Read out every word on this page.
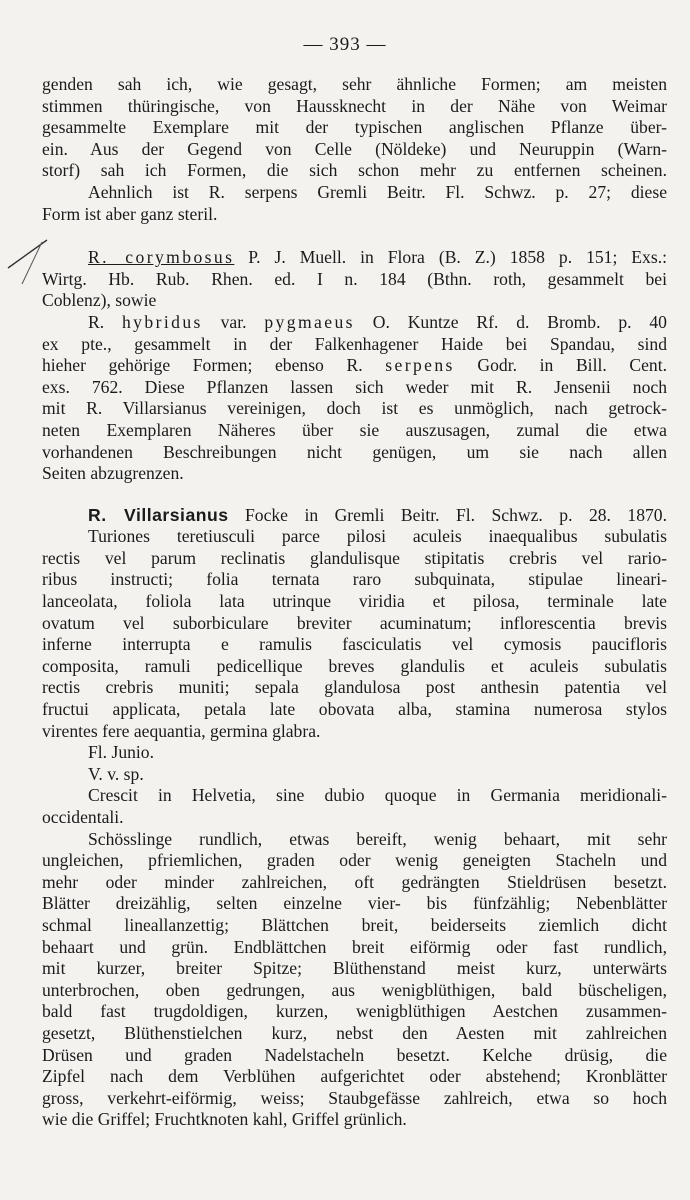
— 393 —
genden sah ich, wie gesagt, sehr ähnliche Formen; am meisten
stimmen thüringische, von Haussknecht in der Nähe von Weimar
gesammelte Exemplare mit der typischen anglischen Pflanze über-
ein. Aus der Gegend von Celle (Nöldeke) und Neuruppin (Warn-
storf) sah ich Formen, die sich schon mehr zu entfernen scheinen.
Aehnlich ist R. serpens Gremli Beitr. Fl. Schwz. p. 27; diese
Form ist aber ganz steril.
R. corymbosus P. J. Muell. in Flora (B. Z.) 1858 p. 151; Exs.:
Wirtg. Hb. Rub. Rhen. ed. I n. 184 (Bthn. roth, gesammelt bei
Coblenz), sowie
R. hybridus var. pygmaeus O. Kuntze Rf. d. Bromb. p. 40
ex pte., gesammelt in der Falkenhagener Haide bei Spandau, sind
hieher gehörige Formen; ebenso R. serpens Godr. in Bill. Cent.
exs. 762. Diese Pflanzen lassen sich weder mit R. Jensenii noch
mit R. Villarsianus vereinigen, doch ist es unmöglich, nach getrock-
neten Exemplaren Näheres über sie auszusagen, zumal die etwa
vorhandenen Beschreibungen nicht genügen, um sie nach allen
Seiten abzugrenzen.
R. Villarsianus Focke in Gremli Beitr. Fl. Schwz. p. 28. 1870.
Turiones teretiusculi parce pilosi aculeis inaequalibus subulatis
rectis vel parum reclinatis glandulisque stipitatis crebris vel rario-
ribus instructi; folia ternata raro subquinata, stipulae lineari-
lanceolata, foliola lata utrinque viridia et pilosa, terminale late
ovatum vel suborbiculare breviter acuminatum; inflorescentia brevis
inferne interrupta e ramulis fasciculatis vel cymosis paucifloris
composita, ramuli pedicellique breves glandulis et aculeis subulatis
rectis crebris muniti; sepala glandulosa post anthesin patentia vel
fructui applicata, petala late obovata alba, stamina numerosa stylos
virentes fere aequantia, germina glabra.
Fl. Junio.
V. v. sp.
Crescit in Helvetia, sine dubio quoque in Germania meridionali-
occidentali.
Schösslinge rundlich, etwas bereift, wenig behaart, mit sehr
ungleichen, pfriemlichen, graden oder wenig geneigten Stacheln und
mehr oder minder zahlreichen, oft gedrängten Stieldrüsen besetzt.
Blätter dreizählig, selten einzelne vier- bis fünfzählig; Nebenblätter
schmal lineallanzettig; Blättchen breit, beiderseits ziemlich dicht
behaart und grün. Endblättchen breit eiförmig oder fast rundlich,
mit kurzer, breiter Spitze; Blüthenstand meist kurz, unterwärts
unterbrochen, oben gedrungen, aus wenigblüthigen, bald büscheligen,
bald fast trugdoldigen, kurzen, wenigblüthigen Aestchen zusammen-
gesetzt, Blüthenstielchen kurz, nebst den Aesten mit zahlreichen
Drüsen und graden Nadelstacheln besetzt. Kelche drüsig, die
Zipfel nach dem Verblühen aufgerichtet oder abstehend; Kronblätter
gross, verkehrt-eiförmig, weiss; Staubgefässe zahlreich, etwa so hoch
wie die Griffel; Fruchtknoten kahl, Griffel grünlich.
